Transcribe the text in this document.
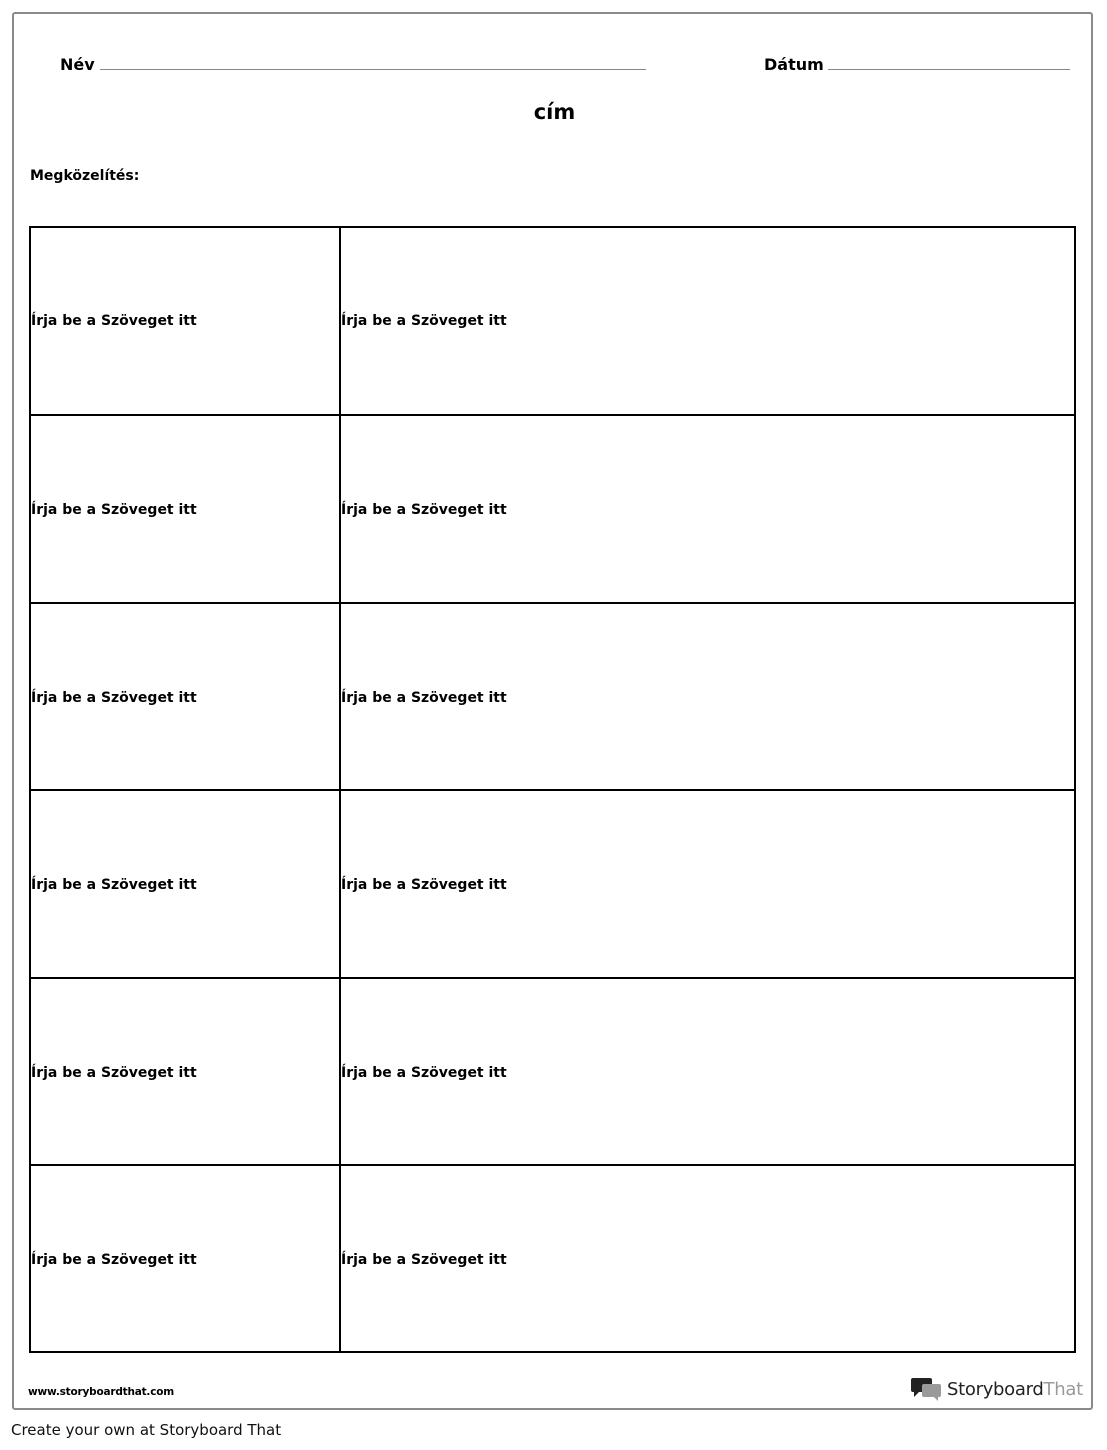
Név	Dátum
cím
Megközelítés:
Írja be a Szöveget itt	Írja be a Szöveget itt
Írja be a Szöveget itt	Írja be a Szöveget itt
Írja be a Szöveget itt	Írja be a Szöveget itt
Írja be a Szöveget itt	Írja be a Szöveget itt
Írja be a Szöveget itt	Írja be a Szöveget itt
Írja be a Szöveget itt	Írja be a Szöveget itt
www.storyboardthat.com	StoryboardThat
Create your own at Storyboard That
